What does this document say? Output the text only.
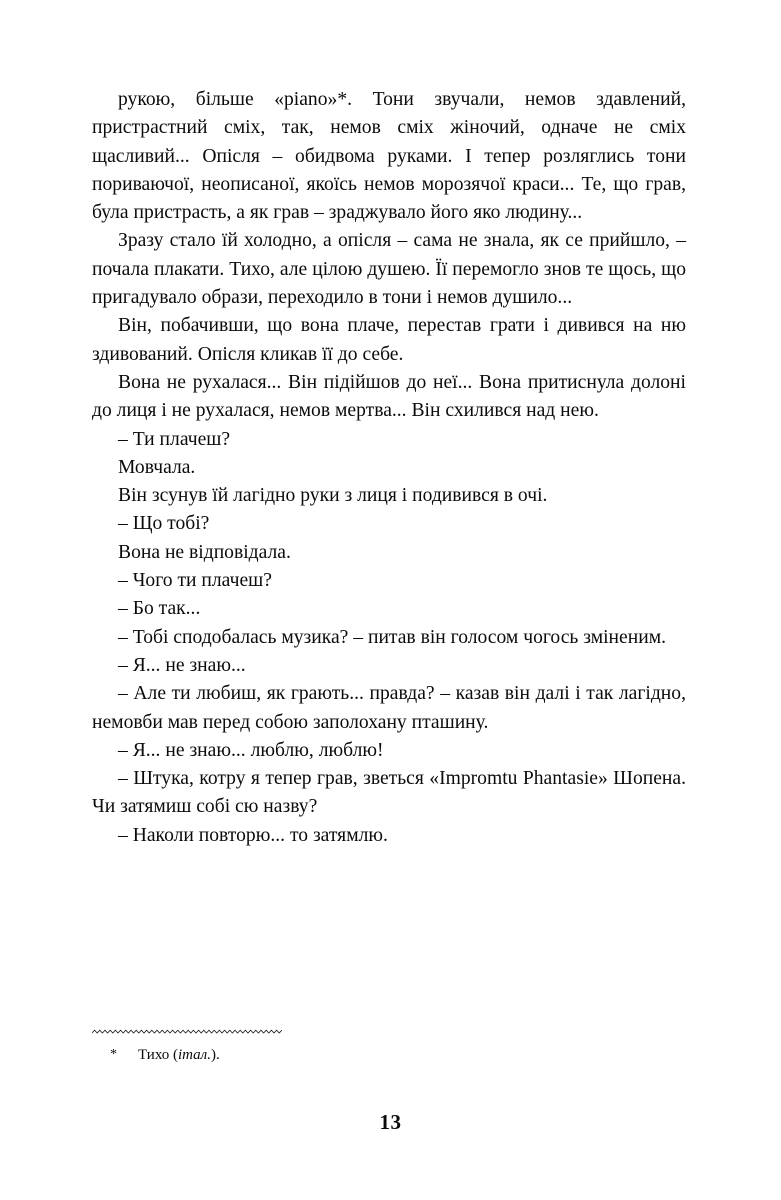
рукою, більше «piano»*. Тони звучали, немов здавлений, пристрастний сміх, так, немов сміх жіночий, одначе не сміх щасливий... Опісля – обидвома руками. І тепер розляглись тони пориваючої, неописаної, якоїсь немов морозячої краси... Те, що грав, була пристрасть, а як грав – зраджувало його яко людину...

Зразу стало їй холодно, а опісля – сама не знала, як се прийшло, – почала плакати. Тихо, але цілою душею. Її перемогло знов те щось, що пригадувало образи, переходило в тони і немов душило...

Він, побачивши, що вона плаче, перестав грати і дивився на ню здивований. Опісля кликав її до себе.

Вона не рухалася... Він підійшов до неї... Вона притиснула долоні до лиця і не рухалася, немов мертва... Він схилився над нею.

– Ти плачеш?

Мовчала.

Він зсунув їй лагідно руки з лиця і подивився в очі.

– Що тобі?

Вона не відповідала.

– Чого ти плачеш?

– Бо так...

– Тобі сподобалась музика? – питав він голосом чогось зміненим.

– Я... не знаю...

– Але ти любиш, як грають... правда? – казав він далі і так лагідно, немовби мав перед собою заполохану пташину.

– Я... не знаю... люблю, люблю!

– Штука, котру я тепер грав, зветься «Impromtu Phantasie» Шопена. Чи затямиш собі сю назву?

– Наколи повторю... то затямлю.

* Тихо (італ.).

13
